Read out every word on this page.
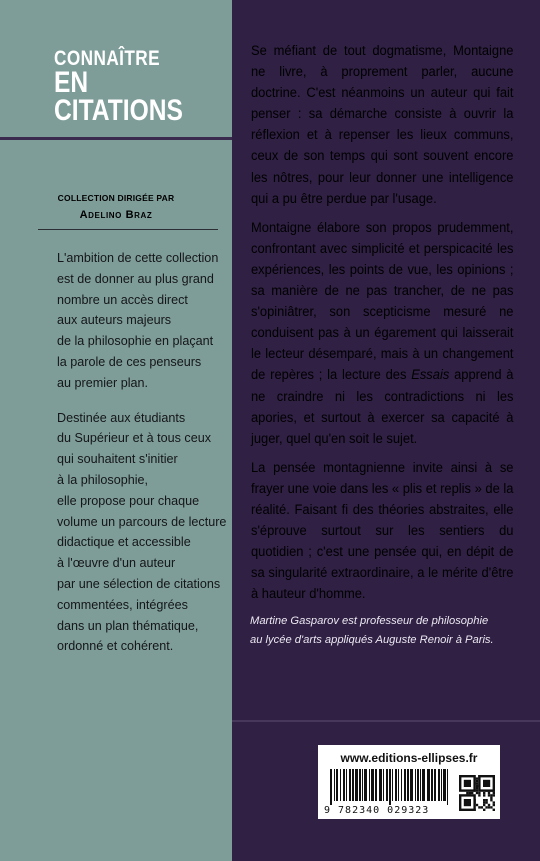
CONNAÎTRE
EN CITATIONS
COLLECTION DIRIGÉE PAR
Adelino Braz

L'ambition de cette collection
est de donner au plus grand
nombre un accès direct
aux auteurs majeurs
de la philosophie en plaçant
la parole de ces penseurs
au premier plan.

Destinée aux étudiants
du Supérieur et à tous ceux
qui souhaitent s'initier
à la philosophie,
elle propose pour chaque
volume un parcours de lecture
didactique et accessible
à l'œuvre d'un auteur
par une sélection de citations
commentées, intégrées
dans un plan thématique,
ordonné et cohérent.

Se méfiant de tout dogmatisme, Montaigne ne livre, à proprement parler, aucune doctrine. C'est néanmoins un auteur qui fait penser : sa démarche consiste à ouvrir la réflexion et à repenser les lieux communs, ceux de son temps qui sont souvent encore les nôtres, pour leur donner une intelligence qui a pu être perdue par l'usage.

Montaigne élabore son propos prudemment, confrontant avec simplicité et perspicacité les expériences, les points de vue, les opinions ; sa manière de ne pas trancher, de ne pas s'opiniâtrer, son scepticisme mesuré ne conduisent pas à un égarement qui laisserait le lecteur désemparé, mais à un changement de repères ; la lecture des Essais apprend à ne craindre ni les contradictions ni les apories, et surtout à exercer sa capacité à juger, quel qu'en soit le sujet.

La pensée montagnienne invite ainsi à se frayer une voie dans les « plis et replis » de la réalité. Faisant fi des théories abstraites, elle s'éprouve surtout sur les sentiers du quotidien ; c'est une pensée qui, en dépit de sa singularité extraordinaire, a le mérite d'être à hauteur d'homme.

Martine Gasparov est professeur de philosophie

au lycée d'arts appliqués Auguste Renoir à Paris.

www.editions-ellipses.fr
9 782340 029323
